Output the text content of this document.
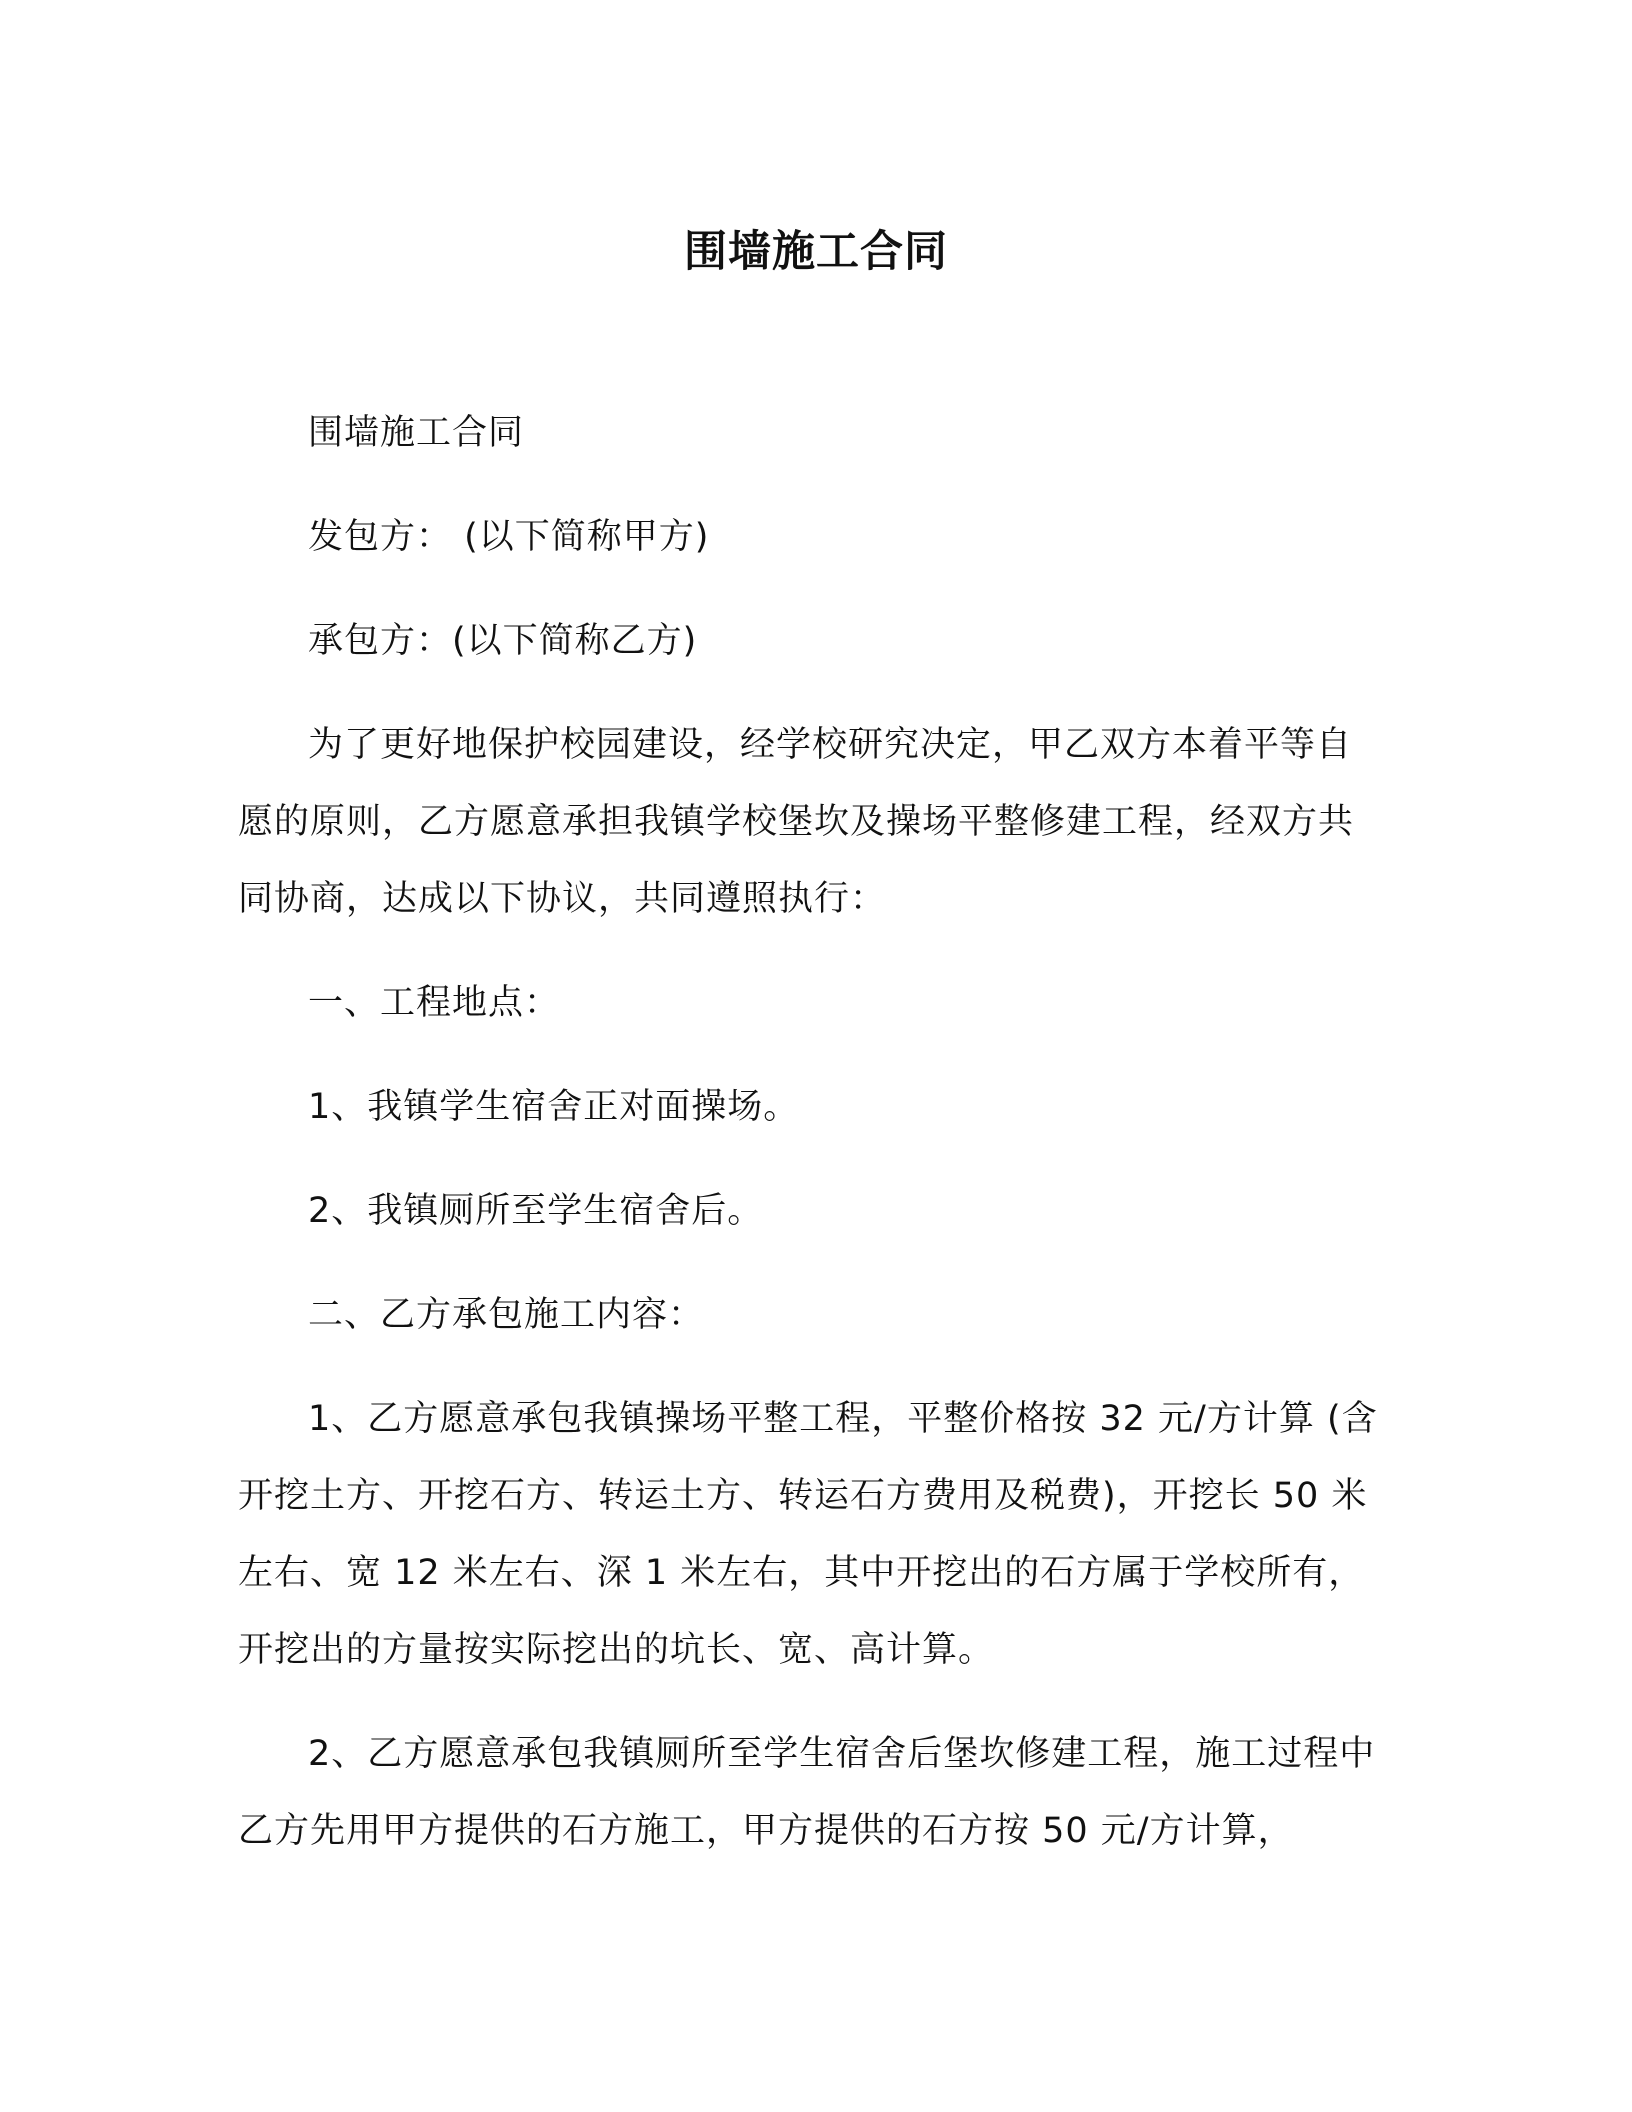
围墙施工合同

围墙施工合同

发包方： (以下简称甲方)

承包方：(以下简称乙方)

为了更好地保护校园建设，经学校研究决定，甲乙双方本着平等自愿的原则，乙方愿意承担我镇学校堡坎及操场平整修建工程，经双方共同协商，达成以下协议，共同遵照执行：

一、工程地点：

1、我镇学生宿舍正对面操场。

2、我镇厕所至学生宿舍后。

二、乙方承包施工内容：

1、乙方愿意承包我镇操场平整工程，平整价格按 32 元/方计算 (含开挖土方、开挖石方、转运土方、转运石方费用及税费)，开挖长 50 米左右、宽 12 米左右、深 1 米左右，其中开挖出的石方属于学校所有，开挖出的方量按实际挖出的坑长、宽、高计算。

2、乙方愿意承包我镇厕所至学生宿舍后堡坎修建工程，施工过程中乙方先用甲方提供的石方施工，甲方提供的石方按 50 元/方计算，
